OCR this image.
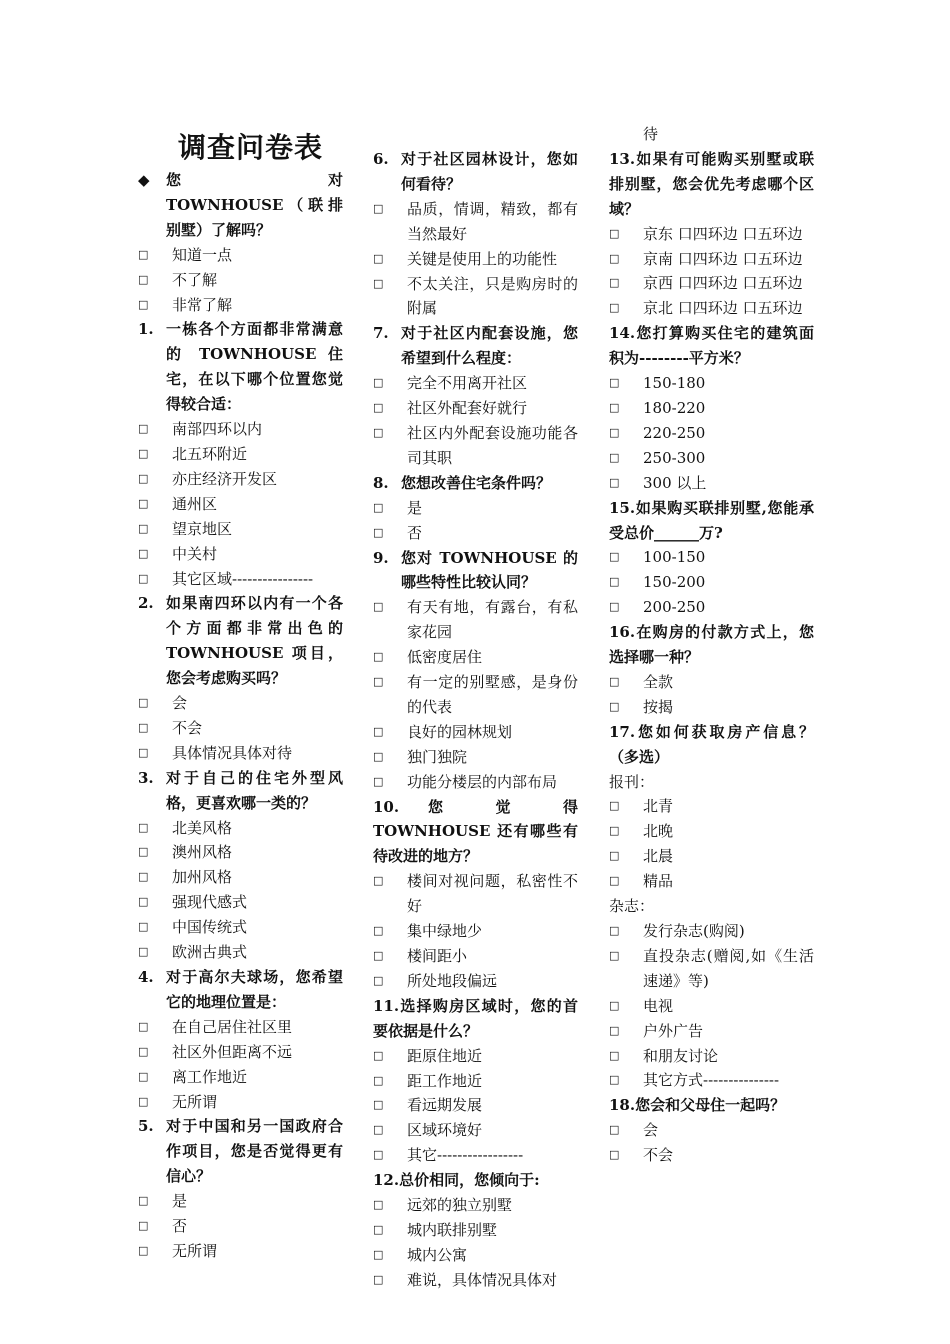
调查问卷表
◆	您　对　TOWNHOUSE（联排别墅）了解吗？
□	知道一点
□	不了解
□	非常了解
1. 一栋各个方面都非常满意的 TOWNHOUSE 住宅，在以下哪个位置您觉得较合适：
□	南部四环以内
□	北五环附近
□	亦庄经济开发区
□	通州区
□	望京地区
□	中关村
□	其它区域----------------
2. 如果南四环以内有一个各个方面都非常出色的 TOWNHOUSE 项目，您会考虑购买吗？
□	会
□	不会
□	具体情况具体对待
3. 对于自己的住宅外型风格，更喜欢哪一类的？
□	北美风格
□	澳州风格
□	加州风格
□	强现代感式
□	中国传统式
□	欧洲古典式
4. 对于高尔夫球场，您希望它的地理位置是：
□	在自己居住社区里
□	社区外但距离不远
□	离工作地近
□	无所谓
5. 对于中国和另一国政府合作项目，您是否觉得更有信心？
□	是
□	否
□	无所谓
6. 对于社区园林设计，您如何看待？
□	品质，情调，精致，都有当然最好
□	关键是使用上的功能性
□	不太关注，只是购房时的附属
7. 对于社区内配套设施，您希望到什么程度：
□	完全不用离开社区
□	社区外配套好就行
□	社区内外配套设施功能各司其职
8. 您想改善住宅条件吗？
□	是
□	否
9. 您对 TOWNHOUSE 的哪些特性比较认同？
□	有天有地，有露台，有私家花园
□	低密度居住
□	有一定的别墅感，是身份的代表
□	良好的园林规划
□	独门独院
□	功能分楼层的内部布局
10. 您 觉 得 TOWNHOUSE 还有哪些有待改进的地方？
□	楼间对视问题，私密性不好
□	集中绿地少
□	楼间距小
□	所处地段偏远
11.选择购房区域时，您的首要依据是什么？
□	距原住地近
□	距工作地近
□	看远期发展
□	区域环境好
□	其它-----------------
12.总价相同，您倾向于:
□	远郊的独立别墅
□	城内联排别墅
□	城内公寓
□	难说，具体情况具体对
待
13.如果有可能购买别墅或联排别墅，您会优先考虑哪个区域？
□	京东 口四环边 口五环边
□	京南 口四环边 口五环边
□	京西 口四环边 口五环边
□	京北 口四环边 口五环边
14.您打算购买住宅的建筑面积为--------平方米？
□	150-180
□	180-220
□	220-250
□	250-300
□	300 以上
15.如果购买联排别墅,您能承受总价______万?
□	100-150
□	150-200
□	200-250
16.在购房的付款方式上，您选择哪一种？
□	全款
□	按揭
17.您如何获取房产信息？（多选）
报刊：
□	北青
□	北晚
□	北晨
□	精品
杂志：
□	发行杂志(购阅)
□	直投杂志(赠阅,如《生活速递》等)
□	电视
□	户外广告
□	和朋友讨论
□	其它方式---------------
18.您会和父母住一起吗？
□	会
□	不会
